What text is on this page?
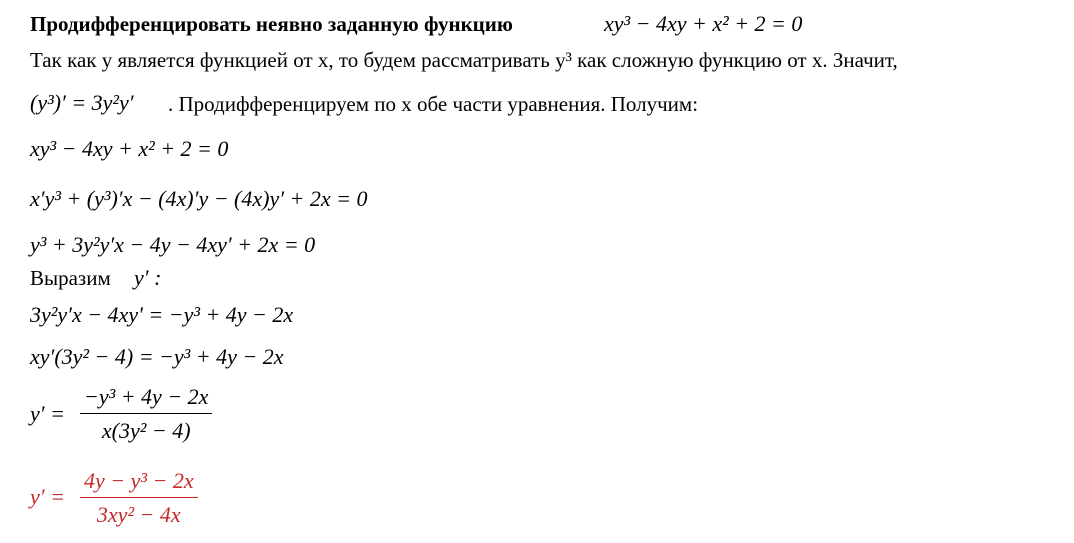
Продифференцировать неявно заданную функцию	xy³ − 4xy + x² + 2 = 0
Так как у является функцией от х, то будем рассматривать у³ как сложную функцию от х. Значит,
(y³)′ = 3y²y′ . Продифференцируем по х обе части уравнения. Получим:
xy³ − 4xy + x² + 2 = 0
x′y³ + (y³)′x − (4x)′y − (4x)y′ + 2x = 0
y³ + 3y²y′x − 4y − 4xy′ + 2x = 0
Выразим y′ :
3y²y′x − 4xy′ = −y³ + 4y − 2x
xy′(3y² − 4) = −y³ + 4y − 2x
y′ =
−y³ + 4y − 2x
x(3y² − 4)
y′ =
4y − y³ − 2x
3xy² − 4x
